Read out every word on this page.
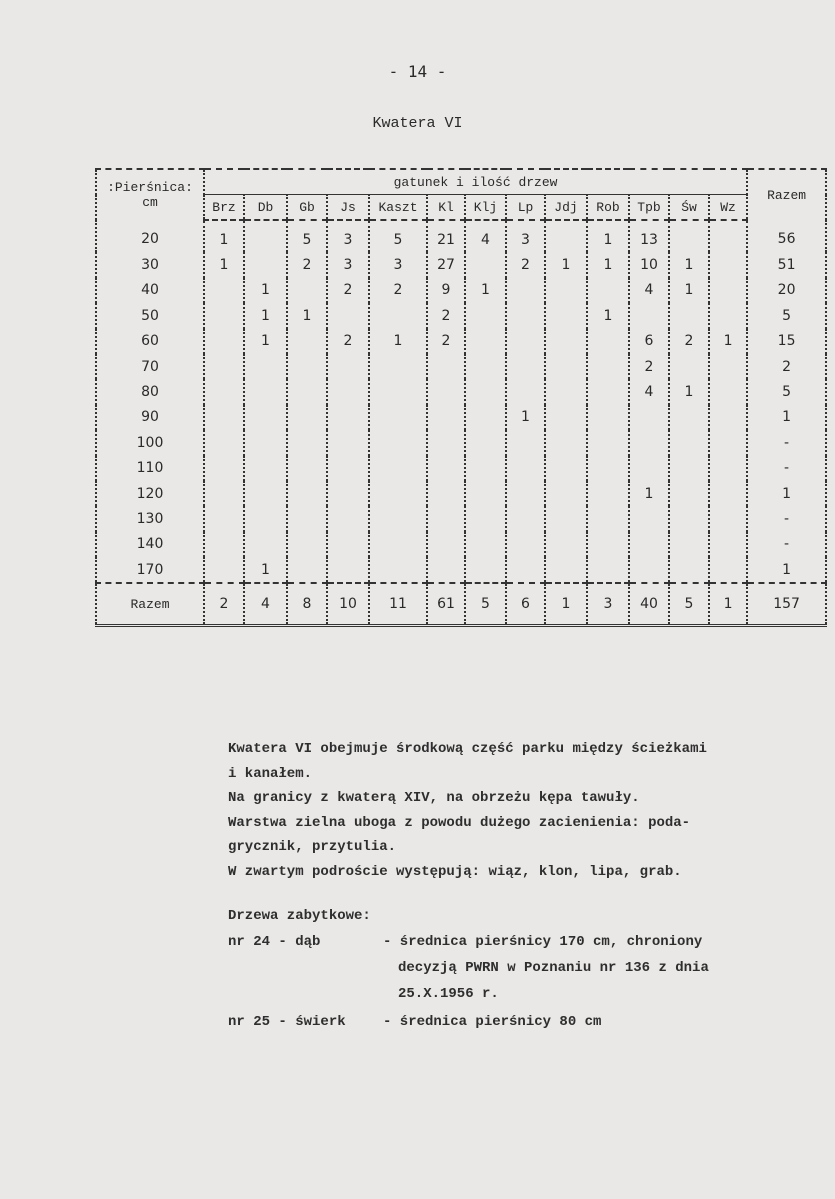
- 14 -
Kwatera VI
:Pierśnica:
cm	gatunek i ilość drzew													Razem
	Brz	Db	Gb	Js	Kaszt	Kl	Klj	Lp	Jdj	Rob	Tpb	Św	Wz	
20	1		5	3	5	21	4	3		1	13			56
30	1		2	3	3	27		2	1	1	10	1		51
40		1		2	2	9	1				4	1		20
50		1	1			2				1				5
60		1		2	1	2					6	2	1	15
70											2			2
80											4	1		5
90								1						1
100														-
110														-
120											1			1
130														-
140														-
170		1												1
Razem	2	4	8	10	11	61	5	6	1	3	40	5	1	157

Kwatera VI obejmuje środkową część parku między ścieżkami

i kanałem.

Na granicy z kwaterą XIV, na obrzeżu kępa tawuły.

Warstwa zielna uboga z powodu dużego zacienienia: poda-

grycznik, przytulia.

W zwartym podroście występują: wiąz, klon, lipa, grab.

Drzewa zabytkowe:
nr 24 - dąb	- średnica pierśnicy 170 cm, chroniony
decyzją PWRN w Poznaniu nr 136 z dnia
25.X.1956 r.
nr 25 - świerk	- średnica pierśnicy 80 cm
